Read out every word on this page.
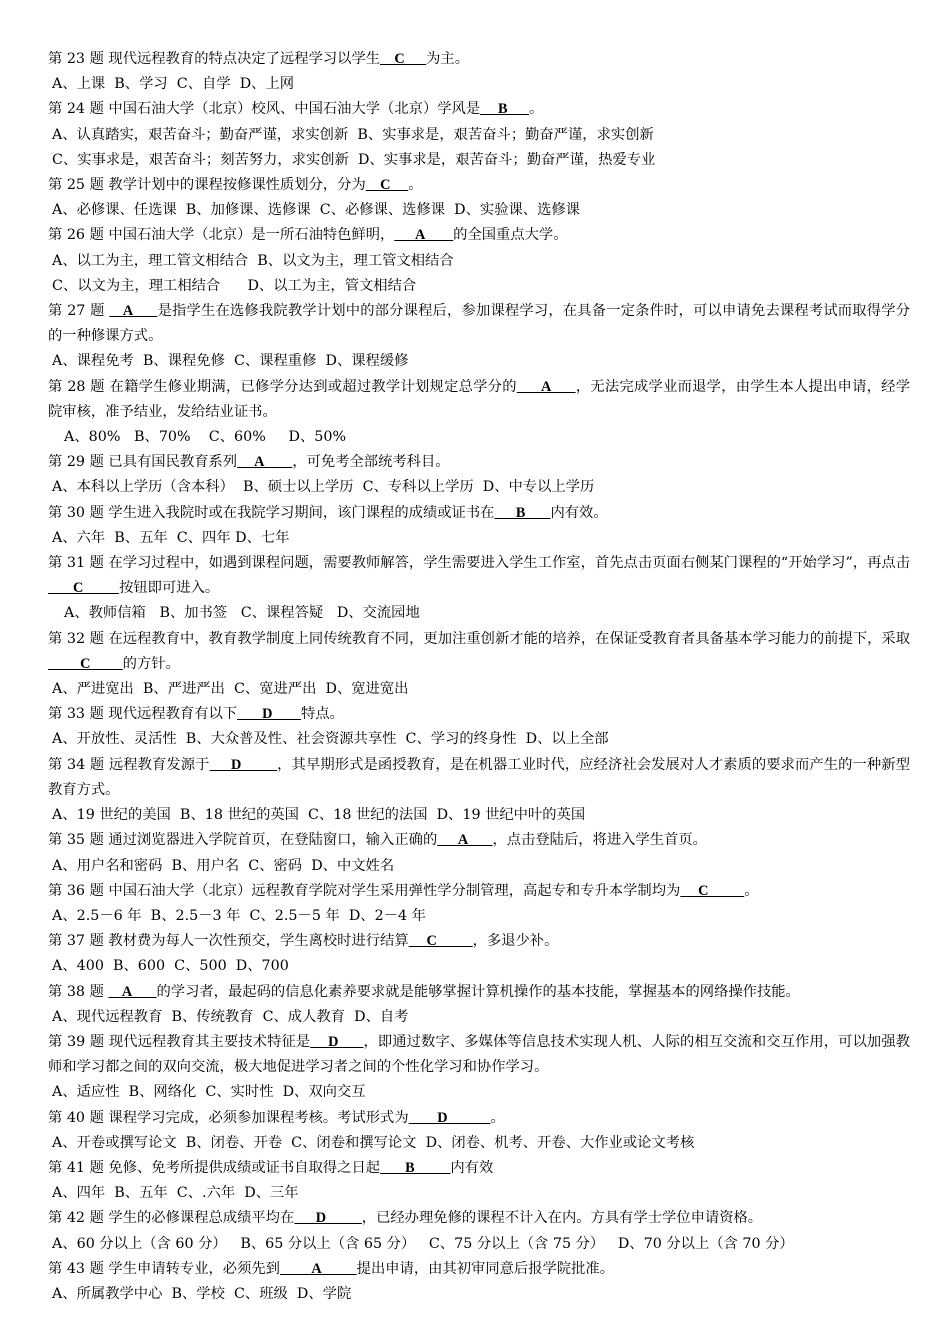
第 23 题 现代远程教育的特点决定了远程学习以学生    C      为主。
A、上课  B、学习  C、自学  D、上网
第 24 题 中国石油大学（北京）校风、中国石油大学（北京）学风是     B      。
A、认真踏实，艰苦奋斗；勤奋严谨，求实创新  B、实事求是，艰苦奋斗；勤奋严谨，求实创新
C、实事求是，艰苦奋斗；刻苦努力，求实创新  D、实事求是，艰苦奋斗；勤奋严谨，热爱专业
第 25 题 教学计划中的课程按修课性质划分，分为    C     。
A、必修课、任选课  B、加修课、选修课  C、必修课、选修课  D、实验课、选修课
第 26 题 中国石油大学（北京）是一所石油特色鲜明，      A        的全国重点大学。
A、以工为主，理工管文相结合  B、以文为主，理工管文相结合
C、以文为主，理工相结合      D、以工为主，管文相结合
第 27 题     A       是指学生在选修我院教学计划中的部分课程后，参加课程学习，在具备一定条件时，可以申请免去课程考试而取得学分的一种修课方式。
A、课程免考  B、课程免修  C、课程重修  D、课程缓修
第 28 题 在籍学生修业期满，已修学分达到或超过教学计划规定总学分的       A       ，无法完成学业而退学，由学生本人提出申请，经学院审核，准予结业，发给结业证书。
A、80%   B、70%    C、60%     D、50%
第 29 题 已具有国民教育系列     A        ，可免考全部统考科目。
A、本科以上学历（含本科）  B、硕士以上学历  C、专科以上学历  D、中专以上学历
第 30 题 学生进入我院时或在我院学习期间，该门课程的成绩或证书在      B       内有效。
A、六年  B、五年  C、四年 D、七年
第 31 题 在学习过程中，如遇到课程问题，需要教师解答，学生需要进入学生工作室，首先点击页面右侧某门课程的“开始学习”，再点击       C          按钮即可进入。
A、教师信箱   B、加书签   C、课程答疑   D、交流园地
第 32 题 在远程教育中，教育教学制度上同传统教育不同，更加注重创新才能的培养，在保证受教育者具备基本学习能力的前提下，采取         C         的方针。
A、严进宽出  B、严进严出  C、宽进严出  D、宽进宽出
第 33 题 现代远程教育有以下       D        特点。
A、开放性、灵活性  B、大众普及性、社会资源共享性  C、学习的终身性  D、以上全部
第 34 题 远程教育发源于      D          ，其早期形式是函授教育，是在机器工业时代，应经济社会发展对人才素质的要求而产生的一种新型教育方式。
A、19 世纪的美国  B、18 世纪的英国  C、18 世纪的法国  D、19 世纪中叶的英国
第 35 题 通过浏览器进入学院首页，在登陆窗口，输入正确的      A       ，点击登陆后，将进入学生首页。
A、用户名和密码  B、用户名  C、密码  D、中文姓名
第 36 题 中国石油大学（北京）远程教育学院对学生采用弹性学分制管理，高起专和专升本学制均为     C          。
A、2.5－6 年  B、2.5－3 年  C、2.5－5 年  D、2－4 年
第 37 题 教材费为每人一次性预交，学生离校时进行结算     C          ，多退少补。
A、400  B、600  C、500  D、700
第 38 题     A       的学习者，最起码的信息化素养要求就是能够掌握计算机操作的基本技能，掌握基本的网络操作技能。
A、现代远程教育  B、传统教育  C、成人教育  D、自考
第 39 题 现代远程教育其主要技术特征是     D       ，即通过数字、多媒体等信息技术实现人机、人际的相互交流和交互作用，可以加强教师和学习都之间的双向交流，极大地促进学习者之间的个性化学习和协作学习。
A、适应性  B、网络化  C、实时性  D、双向交互
第 40 题 课程学习完成，必须参加课程考核。考试形式为        D            。
A、开卷或撰写论文  B、闭卷、开卷  C、闭卷和撰写论文  D、闭卷、机考、开卷、大作业或论文考核
第 41 题 免修、免考所提供成绩或证书自取得之日起       B          内有效
A、四年  B、五年  C、.六年  D、三年
第 42 题 学生的必修课程总成绩平均在      D          ，已经办理免修的课程不计入在内。方具有学士学位申请资格。
A、60 分以上（含 60 分）   B、65 分以上（含 65 分）   C、75 分以上（含 75 分）   D、70 分以上（含 70 分）
第 43 题 学生申请转专业，必须先到         A          提出申请，由其初审同意后报学院批准。
A、所属教学中心  B、学校  C、班级  D、学院
